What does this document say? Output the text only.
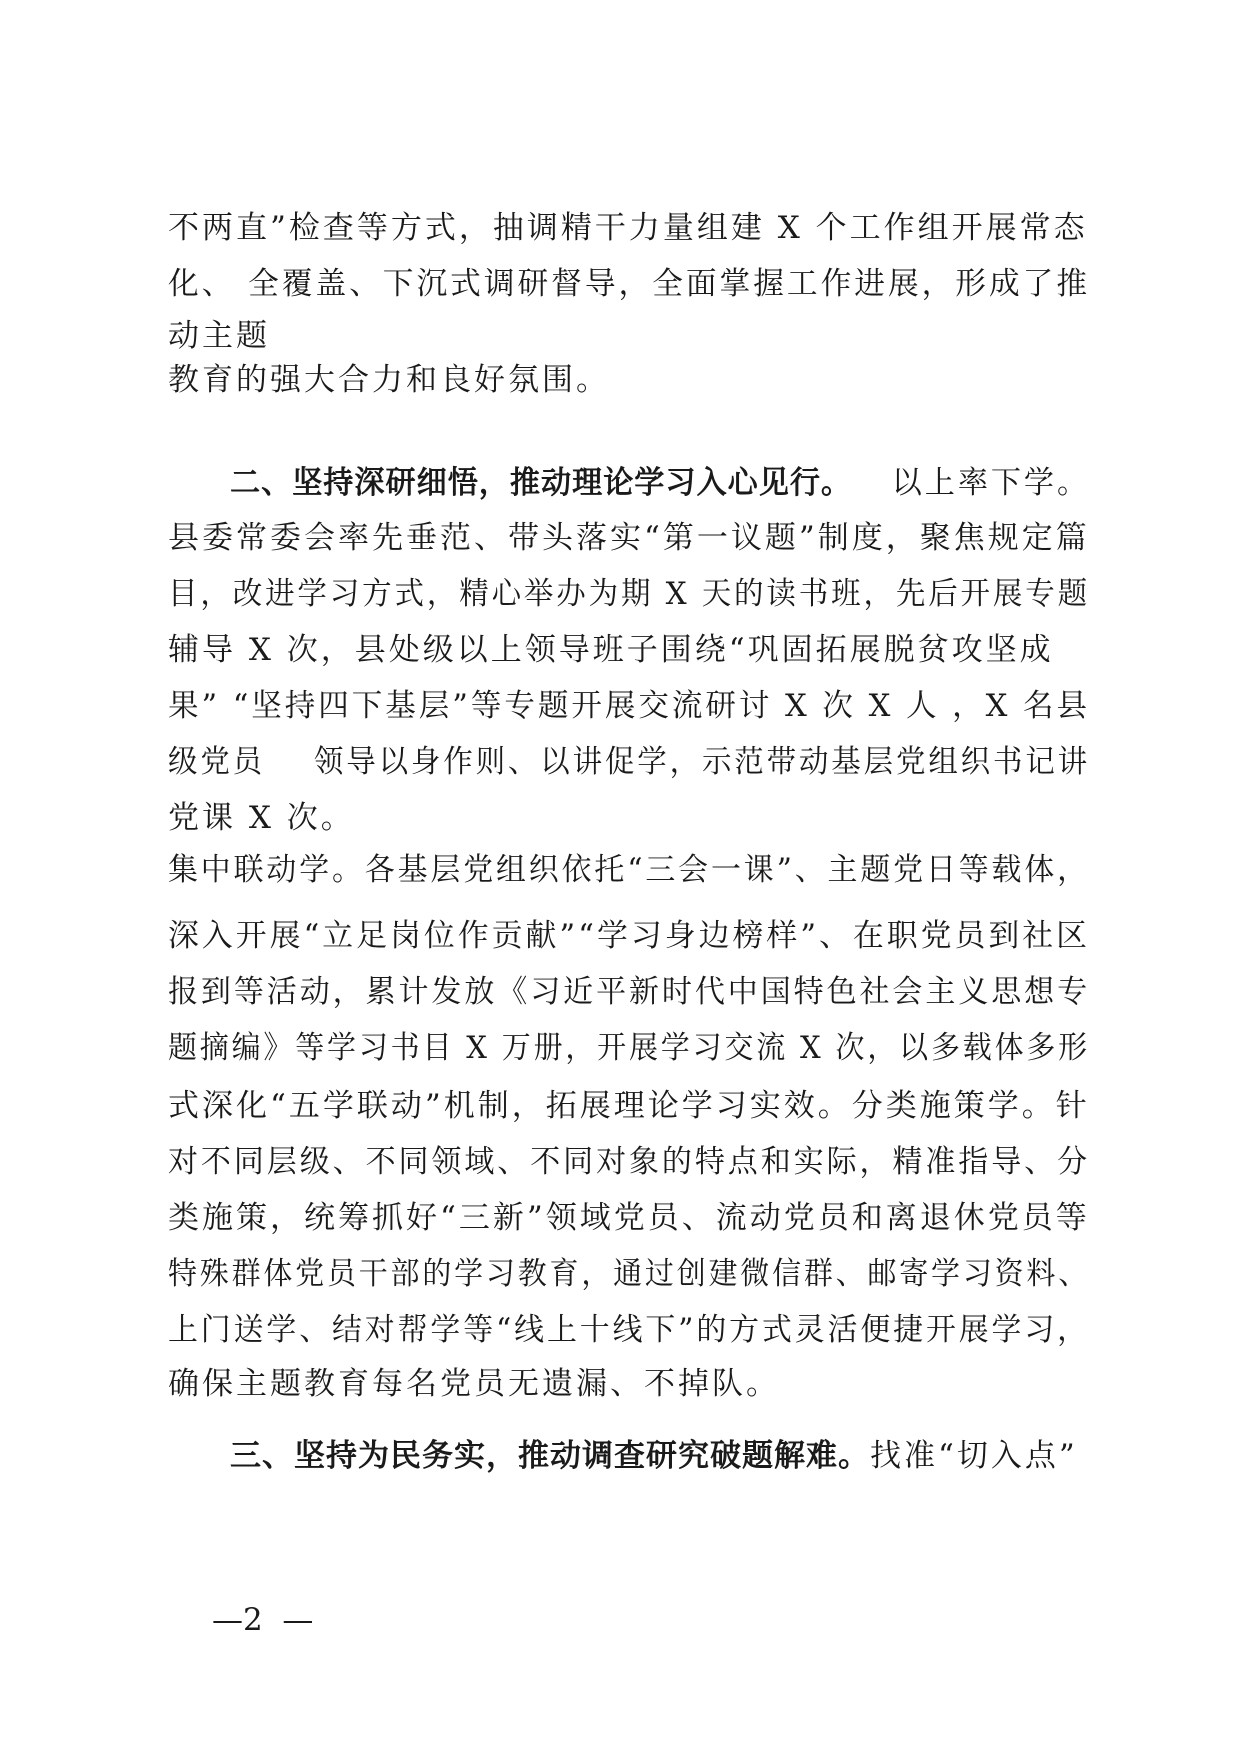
不两直”检查等方式，抽调精干力量组建 X 个工作组开展常态
化、 全覆盖、下沉式调研督导，全面掌握工作进展，形成了推
动主题
教育的强大合力和良好氛围。
二、坚持深研细悟，推动理论学习入心见行。 以上率下学。
县委常委会率先垂范、带头落实“第一议题”制度，聚焦规定篇
目，改进学习方式，精心举办为期 X 天的读书班，先后开展专题
辅导 X 次，县处级以上领导班子围绕“巩固拓展脱贫攻坚成
果” “坚持四下基层”等专题开展交流研讨 X 次 X 人 ，X 名县
级党员    领导以身作则、以讲促学，示范带动基层党组织书记讲
党课 X 次。
集中联动学。各基层党组织依托“三会一课”、主题党日等载体，
深入开展“立足岗位作贡献”“学习身边榜样”、在职党员到社区
报到等活动，累计发放《习近平新时代中国特色社会主义思想专
题摘编》等学习书目 X 万册，开展学习交流 X 次，以多载体多形
式深化“五学联动”机制，拓展理论学习实效。分类施策学。针
对不同层级、不同领域、不同对象的特点和实际，精准指导、分
类施策，统筹抓好“三新”领域党员、流动党员和离退休党员等
特殊群体党员干部的学习教育，通过创建微信群、邮寄学习资料、
上门送学、结对帮学等“线上十线下”的方式灵活便捷开展学习，
确保主题教育每名党员无遗漏、不掉队。
三、坚持为民务实，推动调查研究破题解难。找准“切入点”
—2  —
